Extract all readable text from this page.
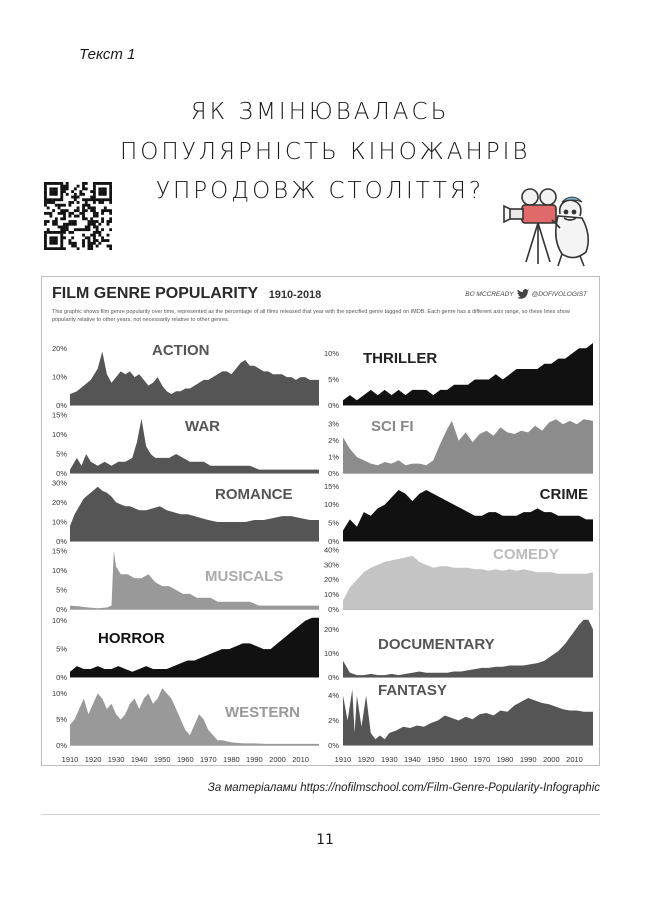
Текст 1
ЯК ЗМІНЮВАЛАСЬ
ПОПУЛЯРНІСТЬ КІНОЖАНРІВ
УПРОДОВЖ СТОЛІТТЯ?
FILM GENRE POPULARITY 1910-2018	BO MCCREADY	@DOFIVOLOGIST
This graphic shows film genre popularity over time, represented as the percentage of all films released that year with the specified genre tagged on IMDB. Each genre has a different axis range, so these lines show popularity relative to other years, not necessarily relative to other genres.
20%
10%
0%
ACTION	10%
5%
0%
THRILLER
15%
10%
5%
0%
WAR	3%
2%
1%
0%
SCI FI
30%
20%
10%
0%
ROMANCE	15%
10%
5%
0%
CRIME
15%
10%
5%
0%
MUSICALS
40%
30%
20%
10%
0%
COMEDY
10%
5%
0%
HORROR
20%
10%
0%
DOCUMENTARY
10%
5%
0%
WESTERN
4%
2%
0%
FANTASY
1910 1920 1930 1940 1950 1960 1970 1980 1990 2000 2010	1910 1920 1930 1940 1950 1960 1970 1980 1990 2000 2010
За матеріалами https://nofilmschool.com/Film-Genre-Popularity-Infographic
11
